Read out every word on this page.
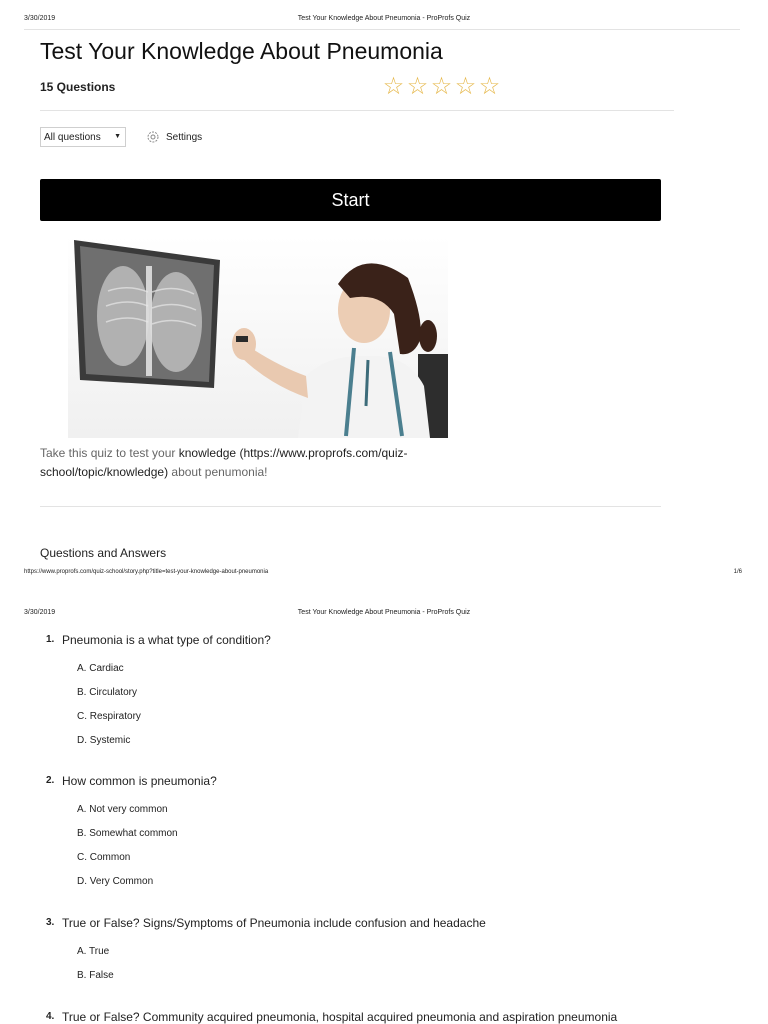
3/30/2019	Test Your Knowledge About Pneumonia - ProProfs Quiz
Test Your Knowledge About Pneumonia
15 Questions	☆ ☆ ☆ ☆ ☆
All questions ▼	Settings
Start
Take this quiz to test your knowledge (https://www.proprofs.com/quiz-school/topic/knowledge) about penumonia!
Questions and Answers
https://www.proprofs.com/quiz-school/story.php?title=test-your-knowledge-about-pneumonia	1/6
3/30/2019	Test Your Knowledge About Pneumonia - ProProfs Quiz
1. Pneumonia is a what type of condition?
A. Cardiac
B. Circulatory
C. Respiratory
D. Systemic
2. How common is pneumonia?
A. Not very common
B. Somewhat common
C. Common
D. Very Common
3. True or False? Signs/Symptoms of Pneumonia include confusion and headache
A. True
B. False
4. True or False? Community acquired pneumonia, hospital acquired pneumonia and aspiration pneumonia
